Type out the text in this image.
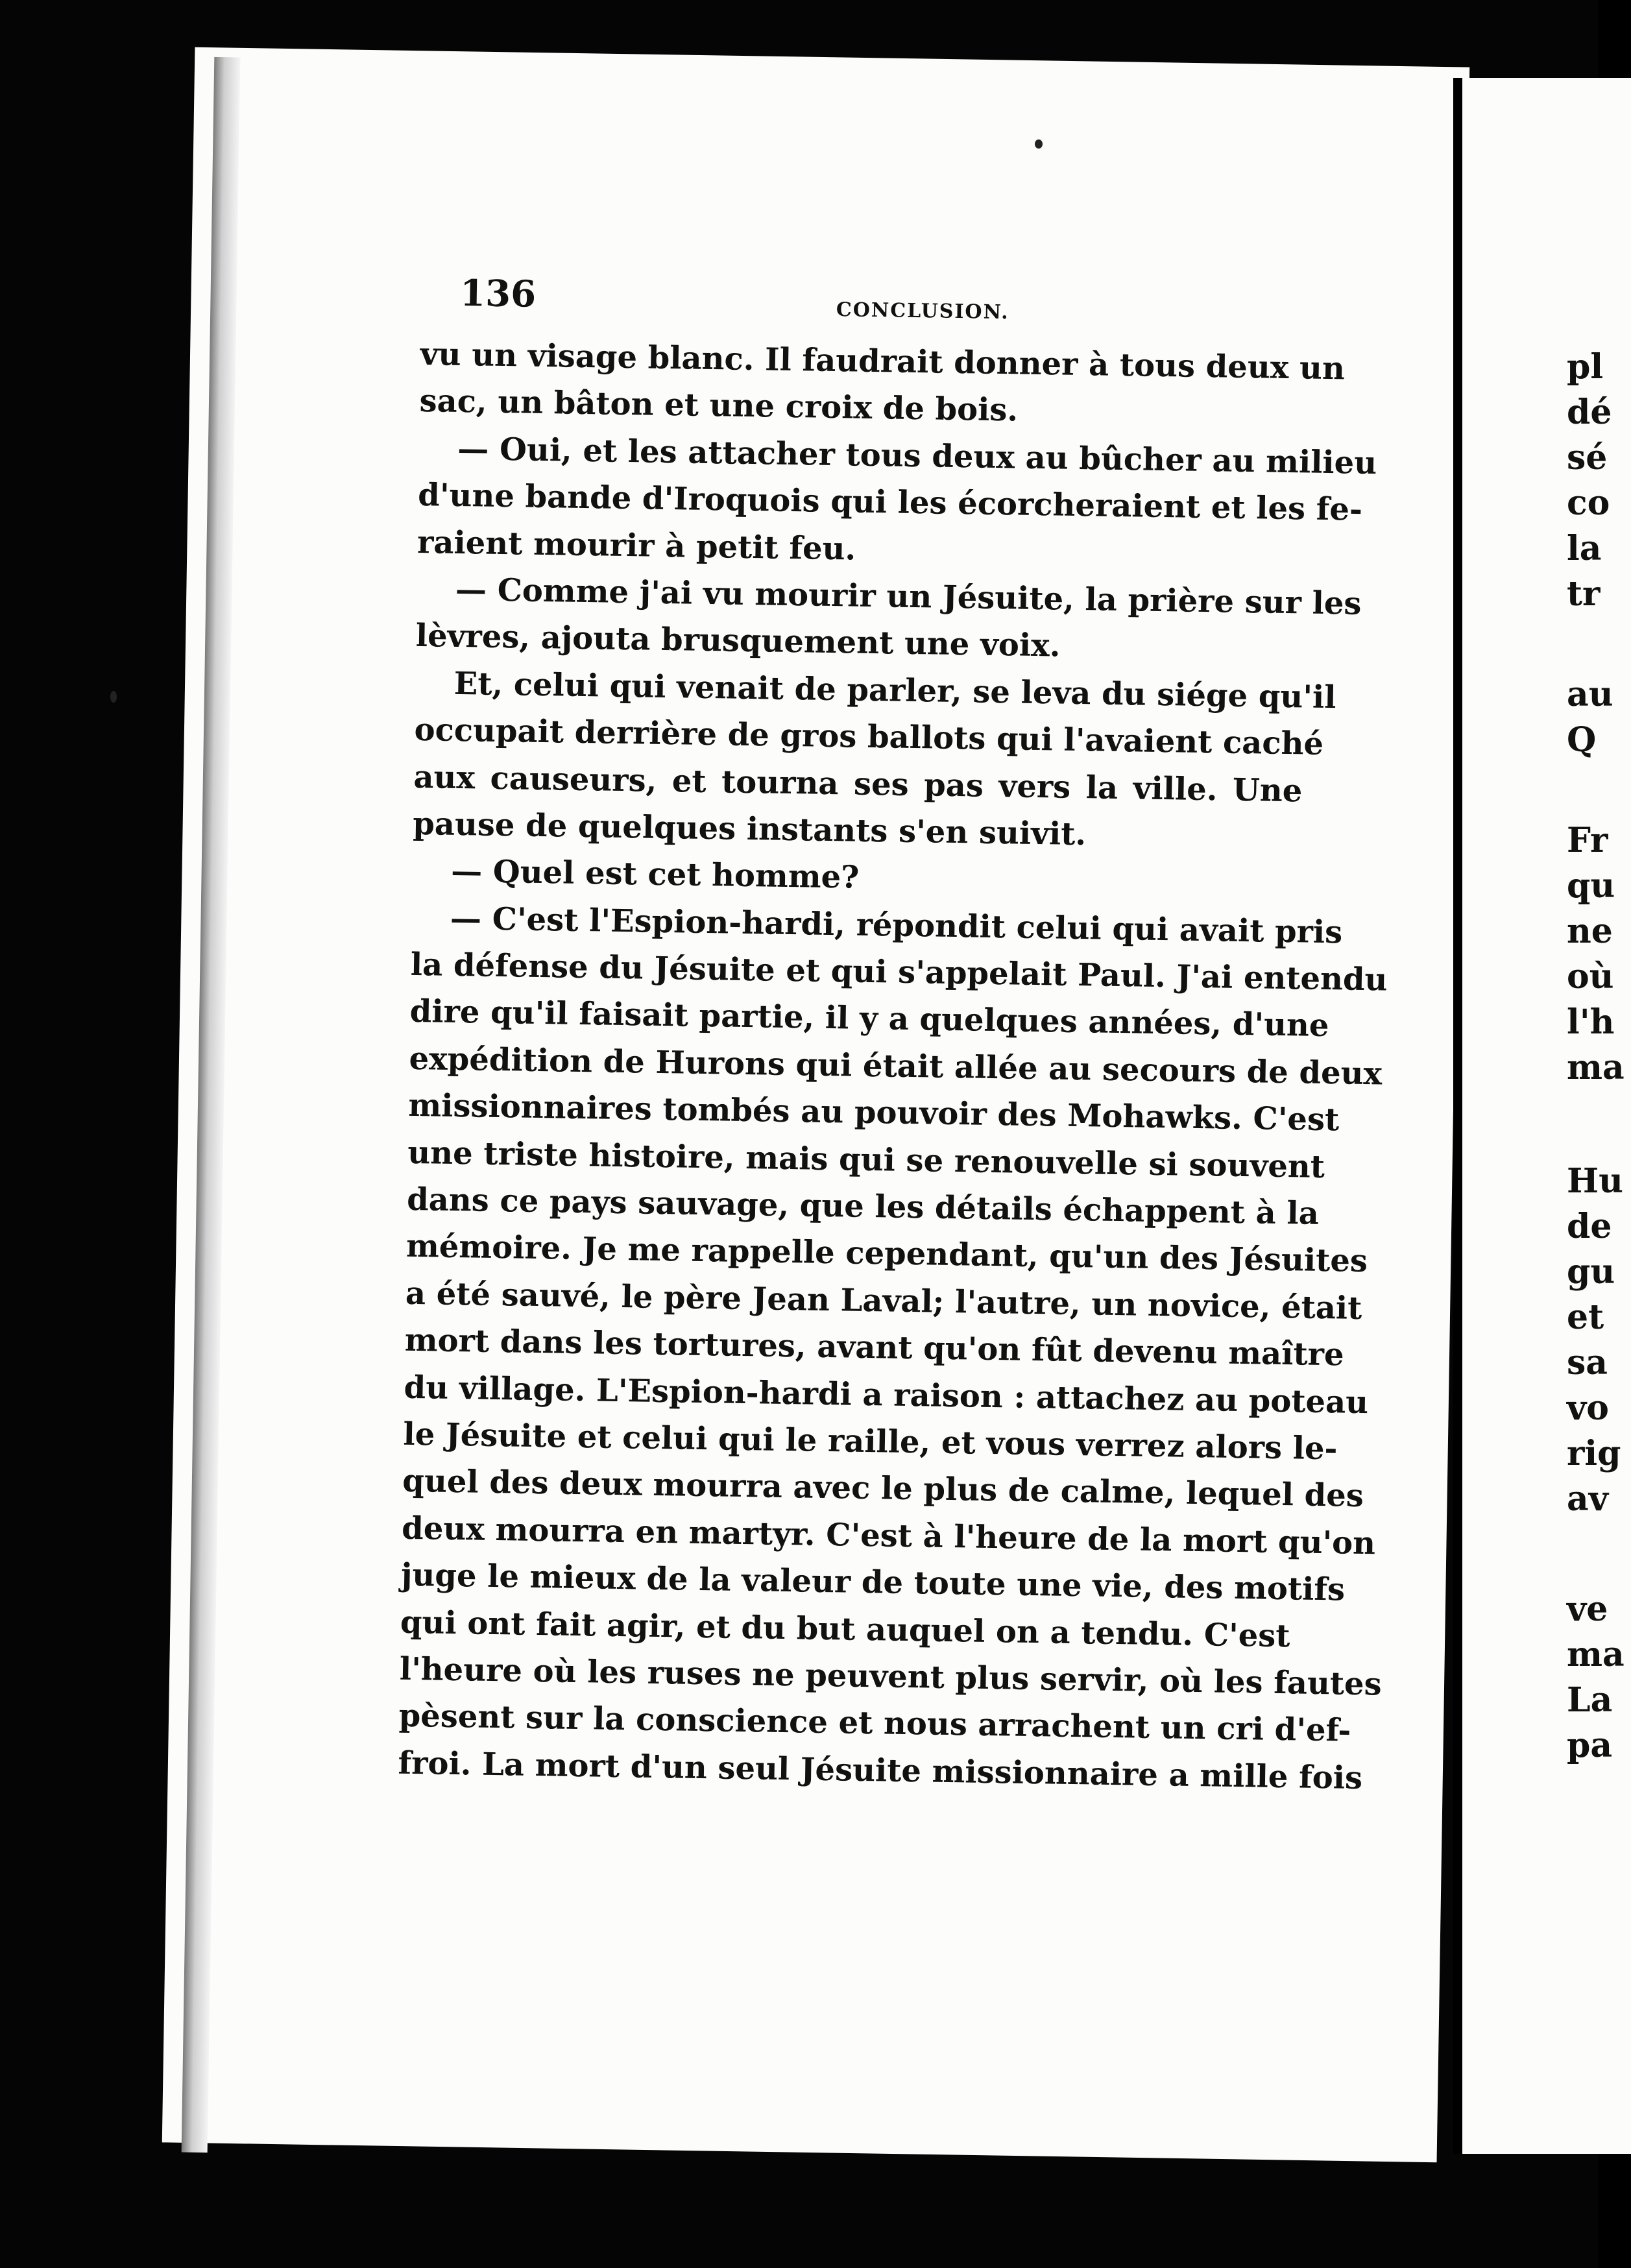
pl
dé
sé
co
la
tr
au
Q
Fr
qu
ne
où
l'h
ma
Hu
de
gu
et
sa
vo
rig
av
ve
ma
La
pa
136	CONCLUSION.
vu un visage blanc. Il faudrait donner à tous deux un
sac, un bâton et une croix de bois.
— Oui, et les attacher tous deux au bûcher au milieu
d'une bande d'Iroquois qui les écorcheraient et les fe-
raient mourir à petit feu.
— Comme j'ai vu mourir un Jésuite, la prière sur les
lèvres, ajouta brusquement une voix.
Et, celui qui venait de parler, se leva du siége qu'il
occupait derrière de gros ballots qui l'avaient caché
aux causeurs, et tourna ses pas vers la ville. Une
pause de quelques instants s'en suivit.
— Quel est cet homme?
— C'est l'Espion-hardi, répondit celui qui avait pris
la défense du Jésuite et qui s'appelait Paul. J'ai entendu
dire qu'il faisait partie, il y a quelques années, d'une
expédition de Hurons qui était allée au secours de deux
missionnaires tombés au pouvoir des Mohawks. C'est
une triste histoire, mais qui se renouvelle si souvent
dans ce pays sauvage, que les détails échappent à la
mémoire. Je me rappelle cependant, qu'un des Jésuites
a été sauvé, le père Jean Laval; l'autre, un novice, était
mort dans les tortures, avant qu'on fût devenu maître
du village. L'Espion-hardi a raison : attachez au poteau
le Jésuite et celui qui le raille, et vous verrez alors le-
quel des deux mourra avec le plus de calme, lequel des
deux mourra en martyr. C'est à l'heure de la mort qu'on
juge le mieux de la valeur de toute une vie, des motifs
qui ont fait agir, et du but auquel on a tendu. C'est
l'heure où les ruses ne peuvent plus servir, où les fautes
pèsent sur la conscience et nous arrachent un cri d'ef-
froi. La mort d'un seul Jésuite missionnaire a mille fois
